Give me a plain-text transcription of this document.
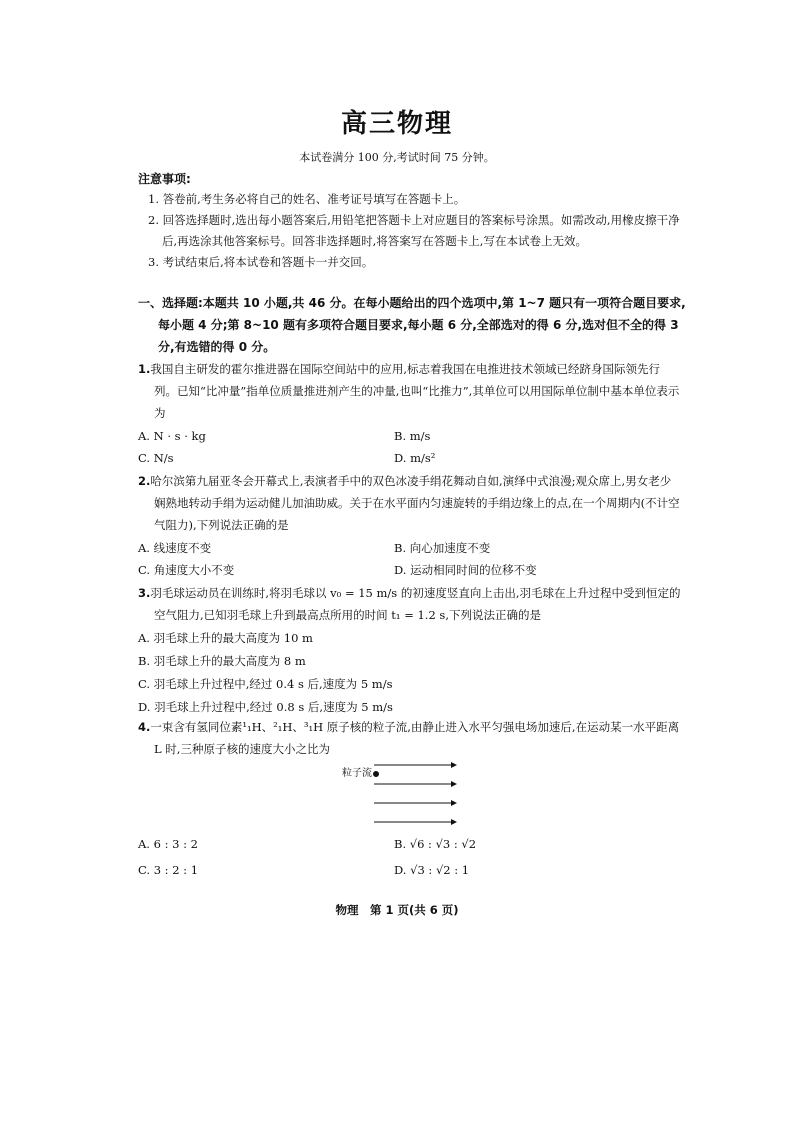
高三物理
本试卷满分 100 分,考试时间 75 分钟。
注意事项:
1. 答卷前,考生务必将自己的姓名、准考证号填写在答题卡上。
2. 回答选择题时,选出每小题答案后,用铅笔把答题卡上对应题目的答案标号涂黑。如需改动,用橡皮擦干净后,再选涂其他答案标号。回答非选择题时,将答案写在答题卡上,写在本试卷上无效。
3. 考试结束后,将本试卷和答题卡一并交回。
一、选择题:本题共 10 小题,共 46 分。在每小题给出的四个选项中,第 1~7 题只有一项符合题目要求,每小题 4 分;第 8~10 题有多项符合题目要求,每小题 6 分,全部选对的得 6 分,选对但不全的得 3 分,有选错的得 0 分。
1.我国自主研发的霍尔推进器在国际空间站中的应用,标志着我国在电推进技术领域已经跻身国际领先行列。已知“比冲量”指单位质量推进剂产生的冲量,也叫“比推力”,其单位可以用国际单位制中基本单位表示为
A. N · s · kg	B. m/s
C. N/s	D. m/s²
2.哈尔滨第九届亚冬会开幕式上,表演者手中的双色冰凌手绢花舞动自如,演绎中式浪漫;观众席上,男女老少娴熟地转动手绢为运动健儿加油助威。关于在水平面内匀速旋转的手绢边缘上的点,在一个周期内(不计空气阻力),下列说法正确的是
A. 线速度不变	B. 向心加速度不变
C. 角速度大小不变	D. 运动相同时间的位移不变
3.羽毛球运动员在训练时,将羽毛球以 v₀ = 15 m/s 的初速度竖直向上击出,羽毛球在上升过程中受到恒定的空气阻力,已知羽毛球上升到最高点所用的时间 t₁ = 1.2 s,下列说法正确的是
A. 羽毛球上升的最大高度为 10 m
B. 羽毛球上升的最大高度为 8 m
C. 羽毛球上升过程中,经过 0.4 s 后,速度为 5 m/s
D. 羽毛球上升过程中,经过 0.8 s 后,速度为 5 m/s
4.一束含有氢同位素¹₁H、²₁H、³₁H 原子核的粒子流,由静止进入水平匀强电场加速后,在运动某一水平距离 L 时,三种原子核的速度大小之比为
粒子流
A. 6 : 3 : 2	B. √6 : √3 : √2
C. 3 : 2 : 1	D. √3 : √2 : 1
物理　第 1 页(共 6 页)
